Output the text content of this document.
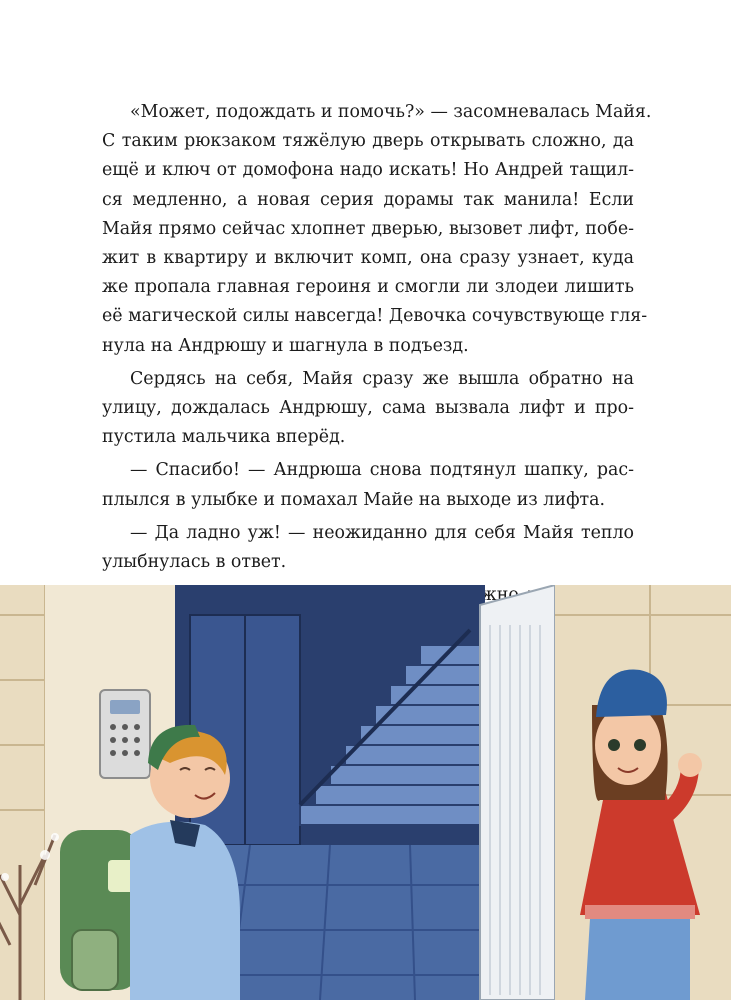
«Может, подождать и помочь?» — засомневалась Майя.
С таким рюкзаком тяжёлую дверь открывать сложно, да
ещё и ключ от домофона надо искать! Но Андрей тащил-
ся медленно, а новая серия дорамы так манила! Если
Майя прямо сейчас хлопнет дверью, вызовет лифт, побе-
жит в квартиру и включит комп, она сразу узнает, куда
же пропала главная героиня и смогли ли злодеи лишить
её магической силы навсегда! Девочка сочувствующе гля-
нула на Андрюшу и шагнула в подъезд.
Сердясь на себя, Майя сразу же вышла обратно на
улицу, дождалась Андрюшу, сама вызвала лифт и про-
пустила мальчика вперёд.
— Спасибо! — Андрюша снова подтянул шапку, рас-
плылся в улыбке и помахал Майе на выходе из лифта.
— Да ладно уж! — неожиданно для себя Майя тепло
улыбнулась в ответ.
можно
